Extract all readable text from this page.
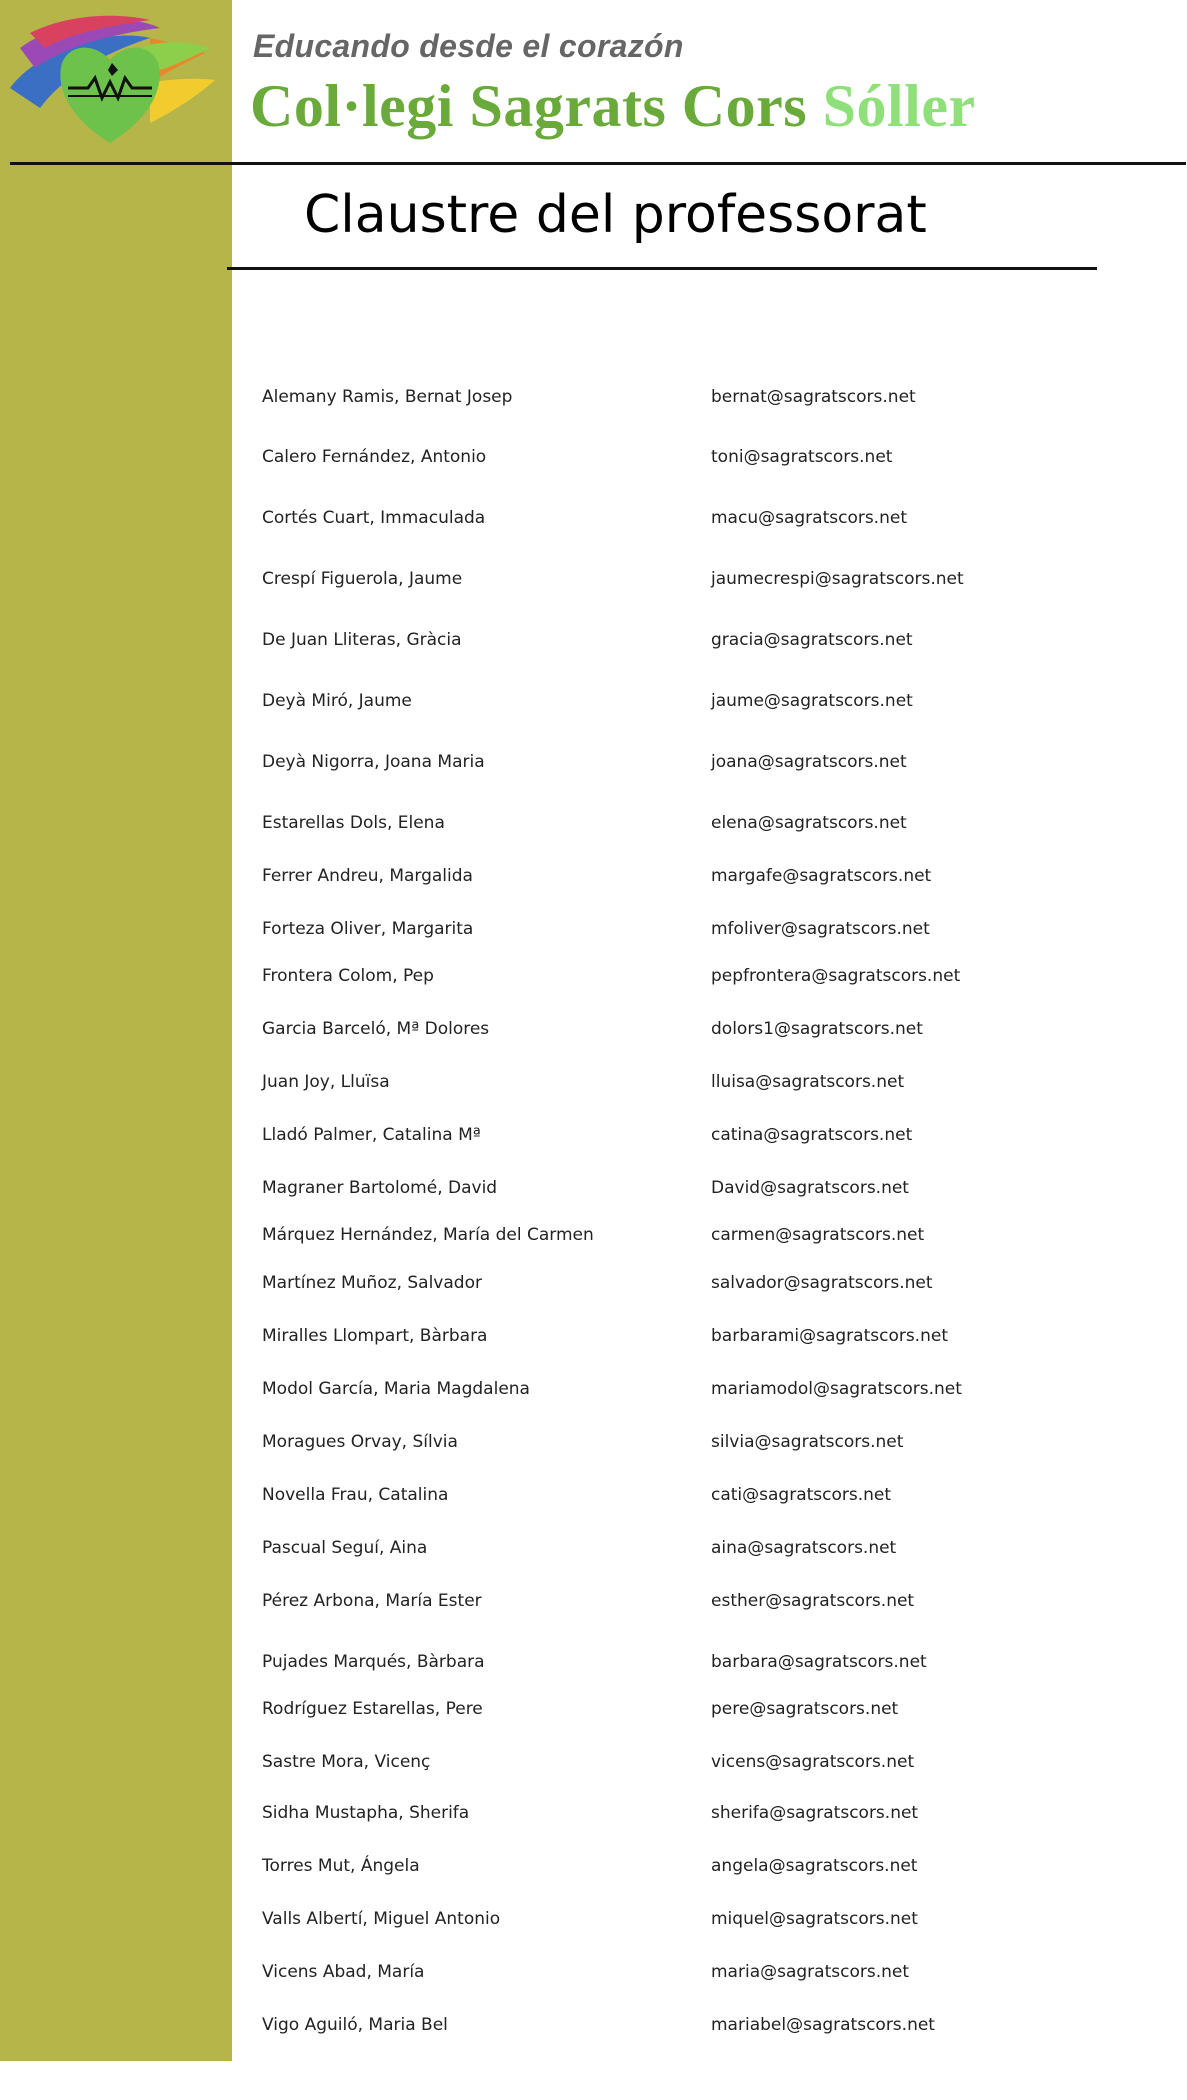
Educando desde el corazón
Col·legi Sagrats Cors Sóller
Claustre del professorat
Alemany Ramis, Bernat Josep	bernat@sagratscors.net
Calero Fernández, Antonio	toni@sagratscors.net
Cortés Cuart, Immaculada	macu@sagratscors.net
Crespí Figuerola, Jaume	jaumecrespi@sagratscors.net
De Juan Lliteras, Gràcia	gracia@sagratscors.net
Deyà Miró, Jaume	jaume@sagratscors.net
Deyà Nigorra, Joana Maria	joana@sagratscors.net
Estarellas Dols, Elena	elena@sagratscors.net
Ferrer Andreu, Margalida	margafe@sagratscors.net
Forteza Oliver, Margarita	mfoliver@sagratscors.net
Frontera Colom, Pep	pepfrontera@sagratscors.net
Garcia Barceló, Mª Dolores	dolors1@sagratscors.net
Juan Joy, Lluïsa	lluisa@sagratscors.net
Lladó Palmer, Catalina Mª	catina@sagratscors.net
Magraner Bartolomé, David	David@sagratscors.net
Márquez Hernández, María del Carmen	carmen@sagratscors.net
Martínez Muñoz, Salvador	salvador@sagratscors.net
Miralles Llompart, Bàrbara	barbarami@sagratscors.net
Modol García, Maria Magdalena	mariamodol@sagratscors.net
Moragues Orvay, Sílvia	silvia@sagratscors.net
Novella Frau, Catalina	cati@sagratscors.net
Pascual Seguí, Aina	aina@sagratscors.net
Pérez Arbona, María Ester	esther@sagratscors.net
Pujades Marqués, Bàrbara	barbara@sagratscors.net
Rodríguez Estarellas, Pere	pere@sagratscors.net
Sastre Mora, Vicenç	vicens@sagratscors.net
Sidha Mustapha, Sherifa	sherifa@sagratscors.net
Torres Mut, Ángela	angela@sagratscors.net
Valls Albertí, Miguel Antonio	miquel@sagratscors.net
Vicens Abad, María	maria@sagratscors.net
Vigo Aguiló, Maria Bel	mariabel@sagratscors.net
